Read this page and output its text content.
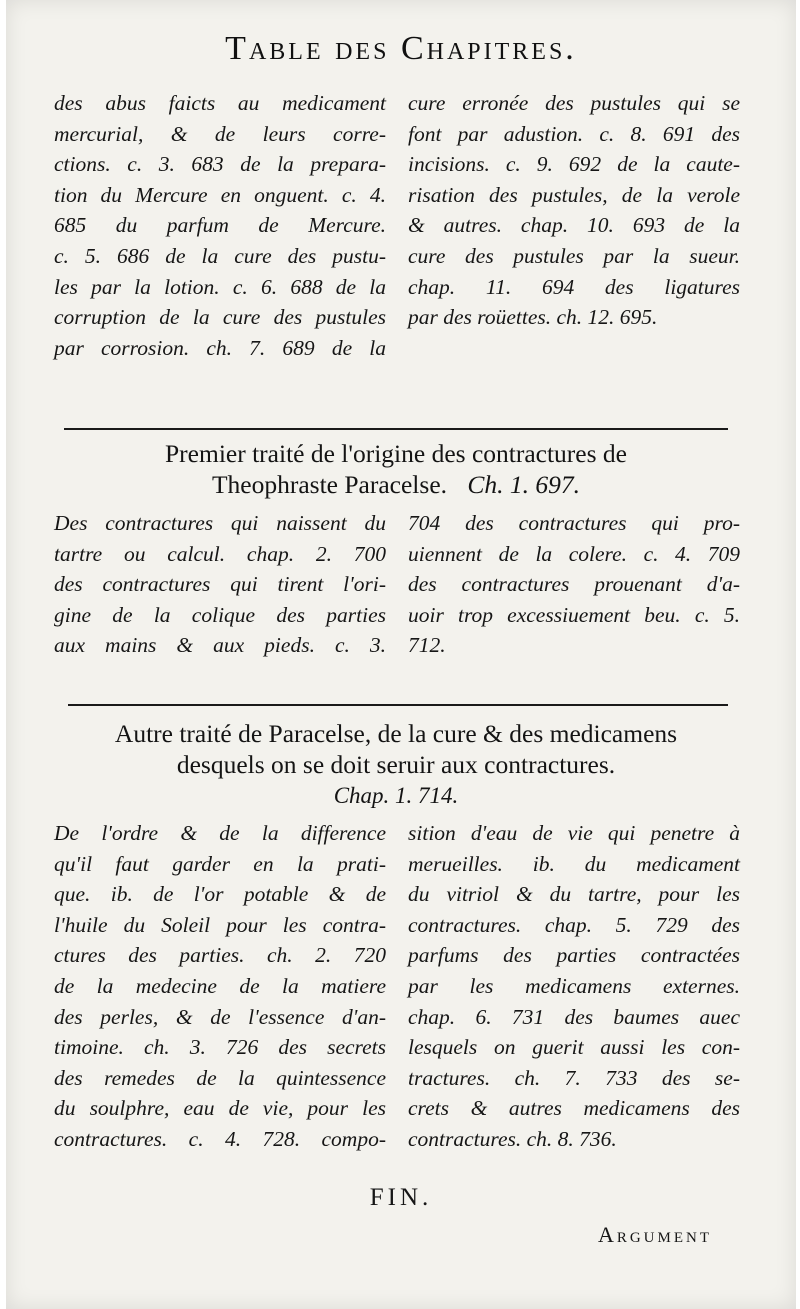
Table des Chapitres.
des abus faicts au medicament
mercurial, & de leurs corre-
ctions. c. 3. 683 de la prepara-
tion du Mercure en onguent. c. 4.
685 du parfum de Mercure.
c. 5. 686 de la cure des pustu-
les par la lotion. c. 6. 688 de la
corruption de la cure des pustules
par corrosion. ch. 7. 689 de la
cure erronée des pustules qui se
font par adustion. c. 8. 691 des
incisions. c. 9. 692 de la caute-
risation des pustules, de la verole
& autres. chap. 10. 693 de la
cure des pustules par la sueur.
chap. 11. 694 des ligatures
par des roüettes. ch. 12. 695.
Premier traité de l'origine des contractures de
Theophraste Paracelse. Ch. 1. 697.
Des contractures qui naissent du
tartre ou calcul. chap. 2. 700
des contractures qui tirent l'ori-
gine de la colique des parties
aux mains & aux pieds. c. 3.
704 des contractures qui pro-
uiennent de la colere. c. 4. 709
des contractures prouenant d'a-
uoir trop excessiuement beu. c. 5.
712.
Autre traité de Paracelse, de la cure & des medicamens
desquels on se doit seruir aux contractures.
Chap. 1. 714.
De l'ordre & de la difference
qu'il faut garder en la prati-
que. ib. de l'or potable & de
l'huile du Soleil pour les contra-
ctures des parties. ch. 2. 720
de la medecine de la matiere
des perles, & de l'essence d'an-
timoine. ch. 3. 726 des secrets
des remedes de la quintessence
du soulphre, eau de vie, pour les
contractures. c. 4. 728. compo-
sition d'eau de vie qui penetre à
merueilles. ib. du medicament
du vitriol & du tartre, pour les
contractures. chap. 5. 729 des
parfums des parties contractées
par les medicamens externes.
chap. 6. 731 des baumes auec
lesquels on guerit aussi les con-
tractures. ch. 7. 733 des se-
crets & autres medicamens des
contractures. ch. 8. 736.
FIN.
Argument
